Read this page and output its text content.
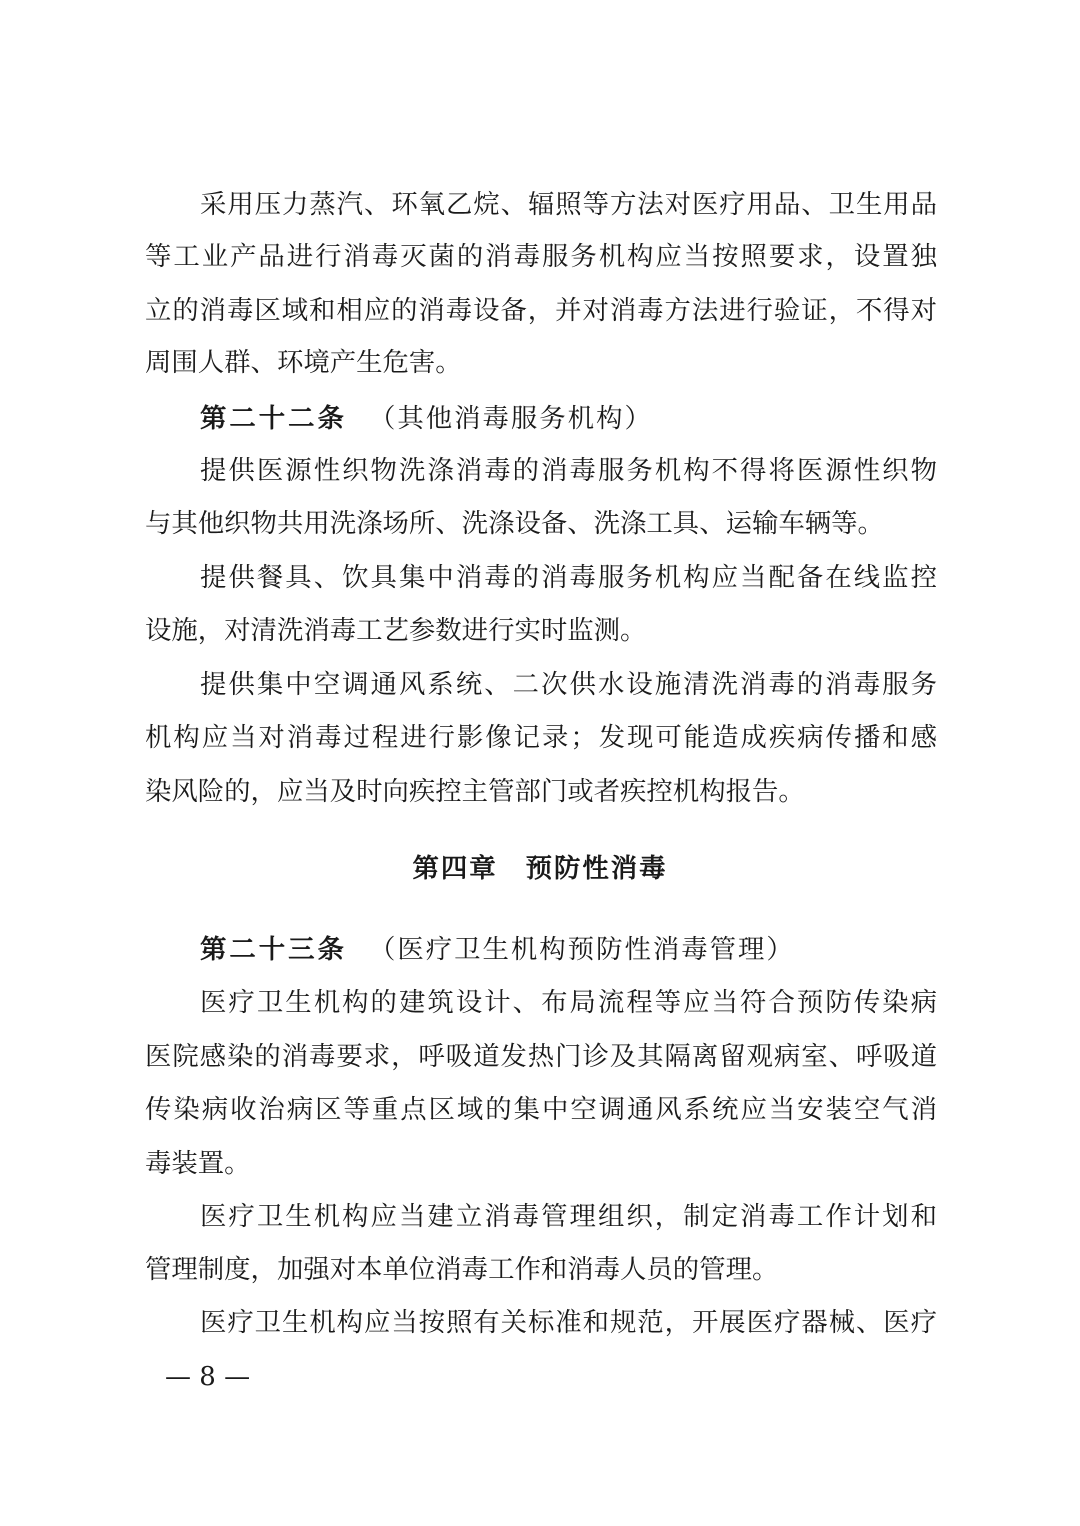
采用压力蒸汽、环氧乙烷、辐照等方法对医疗用品、卫生用品
等工业产品进行消毒灭菌的消毒服务机构应当按照要求，设置独
立的消毒区域和相应的消毒设备，并对消毒方法进行验证，不得对
周围人群、环境产生危害。
第二十二条 （其他消毒服务机构）
提供医源性织物洗涤消毒的消毒服务机构不得将医源性织物
与其他织物共用洗涤场所、洗涤设备、洗涤工具、运输车辆等。
提供餐具、饮具集中消毒的消毒服务机构应当配备在线监控
设施，对清洗消毒工艺参数进行实时监测。
提供集中空调通风系统、二次供水设施清洗消毒的消毒服务
机构应当对消毒过程进行影像记录；发现可能造成疾病传播和感
染风险的，应当及时向疾控主管部门或者疾控机构报告。
第四章 预防性消毒
第二十三条 （医疗卫生机构预防性消毒管理）
医疗卫生机构的建筑设计、布局流程等应当符合预防传染病
医院感染的消毒要求，呼吸道发热门诊及其隔离留观病室、呼吸道
传染病收治病区等重点区域的集中空调通风系统应当安装空气消
毒装置。
医疗卫生机构应当建立消毒管理组织，制定消毒工作计划和
管理制度，加强对本单位消毒工作和消毒人员的管理。
医疗卫生机构应当按照有关标准和规范，开展医疗器械、医疗
— 8 —
